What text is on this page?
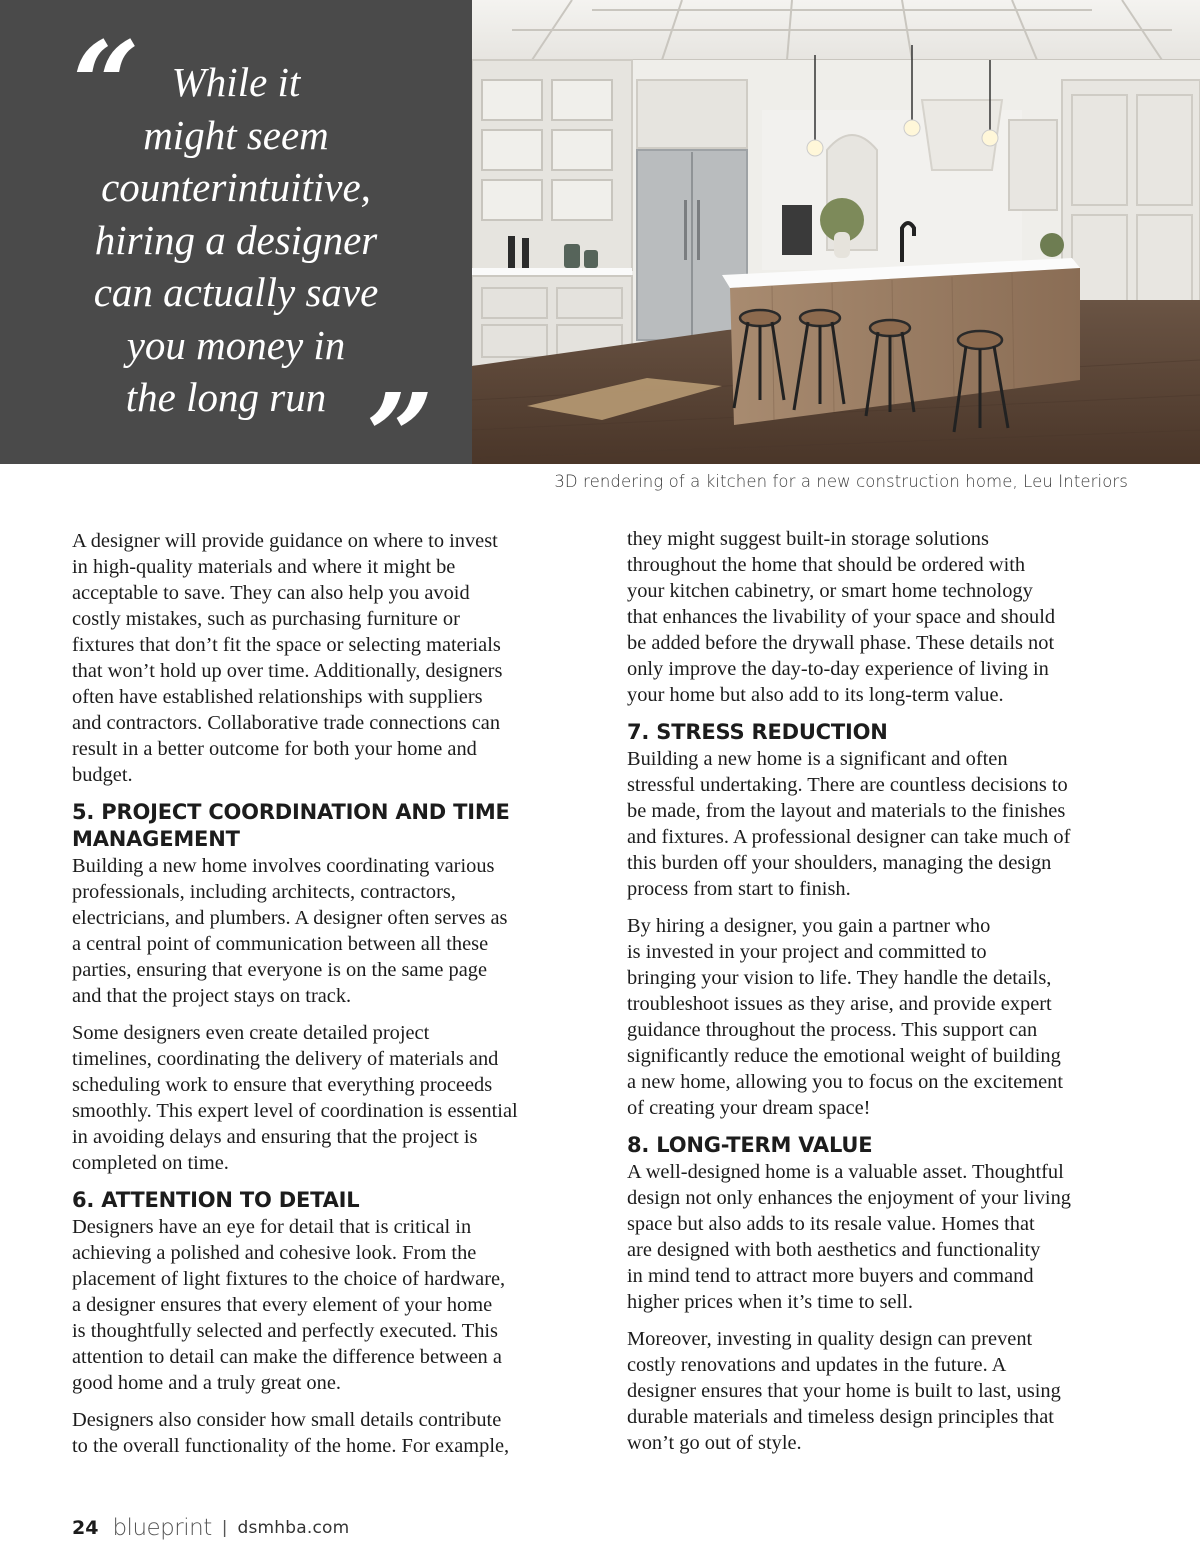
“ While it
might seem
counterintuitive,
hiring a designer
can actually save
you money in
the long run ”	3D rendering of a kitchen for a new construction home, Leu Interiors

A designer will provide guidance on where to invest
in high-quality materials and where it might be
acceptable to save. They can also help you avoid
costly mistakes, such as purchasing furniture or
fixtures that don’t fit the space or selecting materials
that won’t hold up over time. Additionally, designers
often have established relationships with suppliers
and contractors. Collaborative trade connections can
result in a better outcome for both your home and
budget.

5. PROJECT COORDINATION AND TIME
MANAGEMENT

Building a new home involves coordinating various
professionals, including architects, contractors,
electricians, and plumbers. A designer often serves as
a central point of communication between all these
parties, ensuring that everyone is on the same page
and that the project stays on track.

Some designers even create detailed project
timelines, coordinating the delivery of materials and
scheduling work to ensure that everything proceeds
smoothly. This expert level of coordination is essential
in avoiding delays and ensuring that the project is
completed on time.

6. ATTENTION TO DETAIL

Designers have an eye for detail that is critical in
achieving a polished and cohesive look. From the
placement of light fixtures to the choice of hardware,
a designer ensures that every element of your home
is thoughtfully selected and perfectly executed. This
attention to detail can make the difference between a
good home and a truly great one.

Designers also consider how small details contribute
to the overall functionality of the home. For example,

they might suggest built-in storage solutions
throughout the home that should be ordered with
your kitchen cabinetry, or smart home technology
that enhances the livability of your space and should
be added before the drywall phase. These details not
only improve the day-to-day experience of living in
your home but also add to its long-term value.

7. STRESS REDUCTION

Building a new home is a significant and often
stressful undertaking. There are countless decisions to
be made, from the layout and materials to the finishes
and fixtures. A professional designer can take much of
this burden off your shoulders, managing the design
process from start to finish.

By hiring a designer, you gain a partner who
is invested in your project and committed to
bringing your vision to life. They handle the details,
troubleshoot issues as they arise, and provide expert
guidance throughout the process. This support can
significantly reduce the emotional weight of building
a new home, allowing you to focus on the excitement
of creating your dream space!

8. LONG-TERM VALUE

A well-designed home is a valuable asset. Thoughtful
design not only enhances the enjoyment of your living
space but also adds to its resale value. Homes that
are designed with both aesthetics and functionality
in mind tend to attract more buyers and command
higher prices when it’s time to sell.

Moreover, investing in quality design can prevent
costly renovations and updates in the future. A
designer ensures that your home is built to last, using
durable materials and timeless design principles that
won’t go out of style.

24 blueprint | dsmhba.com
